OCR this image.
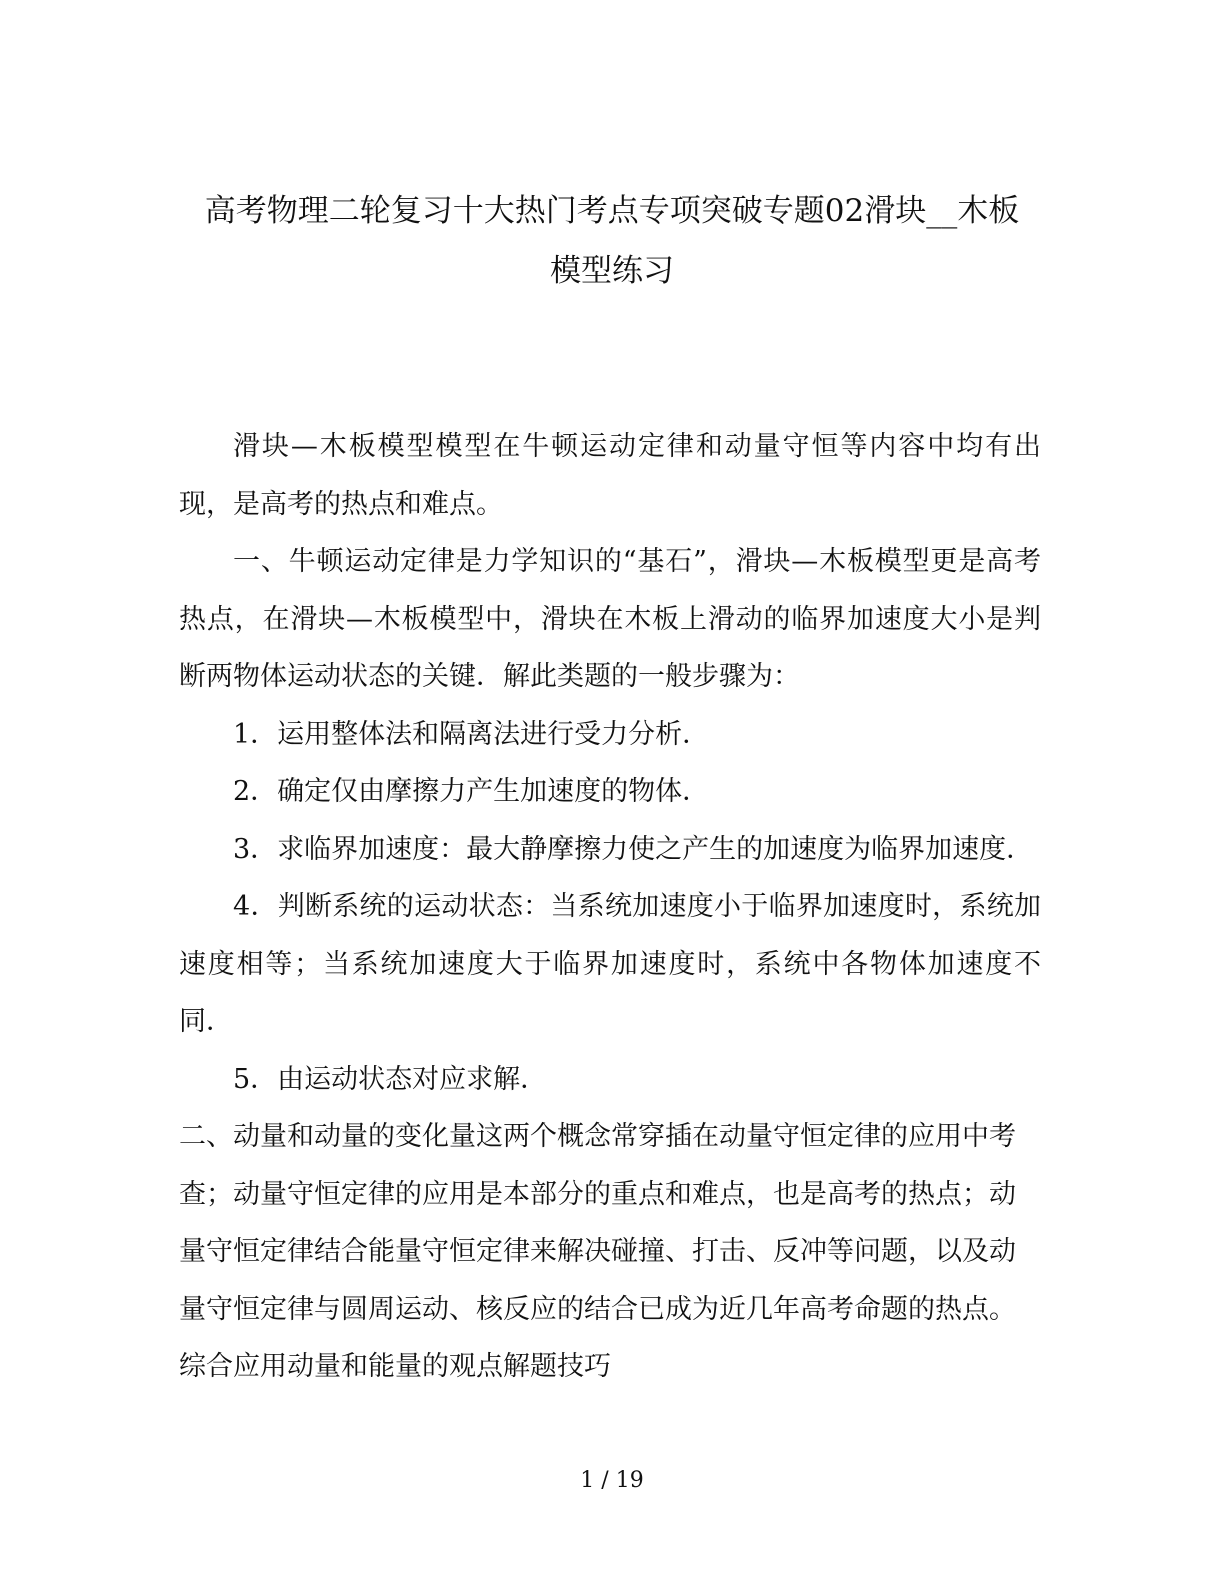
高考物理二轮复习十大热门考点专项突破专题02滑块__木板
模型练习

滑块—木板模型模型在牛顿运动定律和动量守恒等内容中均有出现，是高考的热点和难点。

一、牛顿运动定律是力学知识的“基石”，滑块—木板模型更是高考热点，在滑块—木板模型中，滑块在木板上滑动的临界加速度大小是判断两物体运动状态的关键．解此类题的一般步骤为：

1．运用整体法和隔离法进行受力分析．

2．确定仅由摩擦力产生加速度的物体．

3．求临界加速度：最大静摩擦力使之产生的加速度为临界加速度．

4．判断系统的运动状态：当系统加速度小于临界加速度时，系统加速度相等；当系统加速度大于临界加速度时，系统中各物体加速度不同．

5．由运动状态对应求解．

二、动量和动量的变化量这两个概念常穿插在动量守恒定律的应用中考查；动量守恒定律的应用是本部分的重点和难点，也是高考的热点；动量守恒定律结合能量守恒定律来解决碰撞、打击、反冲等问题，以及动量守恒定律与圆周运动、核反应的结合已成为近几年高考命题的热点。综合应用动量和能量的观点解题技巧

1 / 19
